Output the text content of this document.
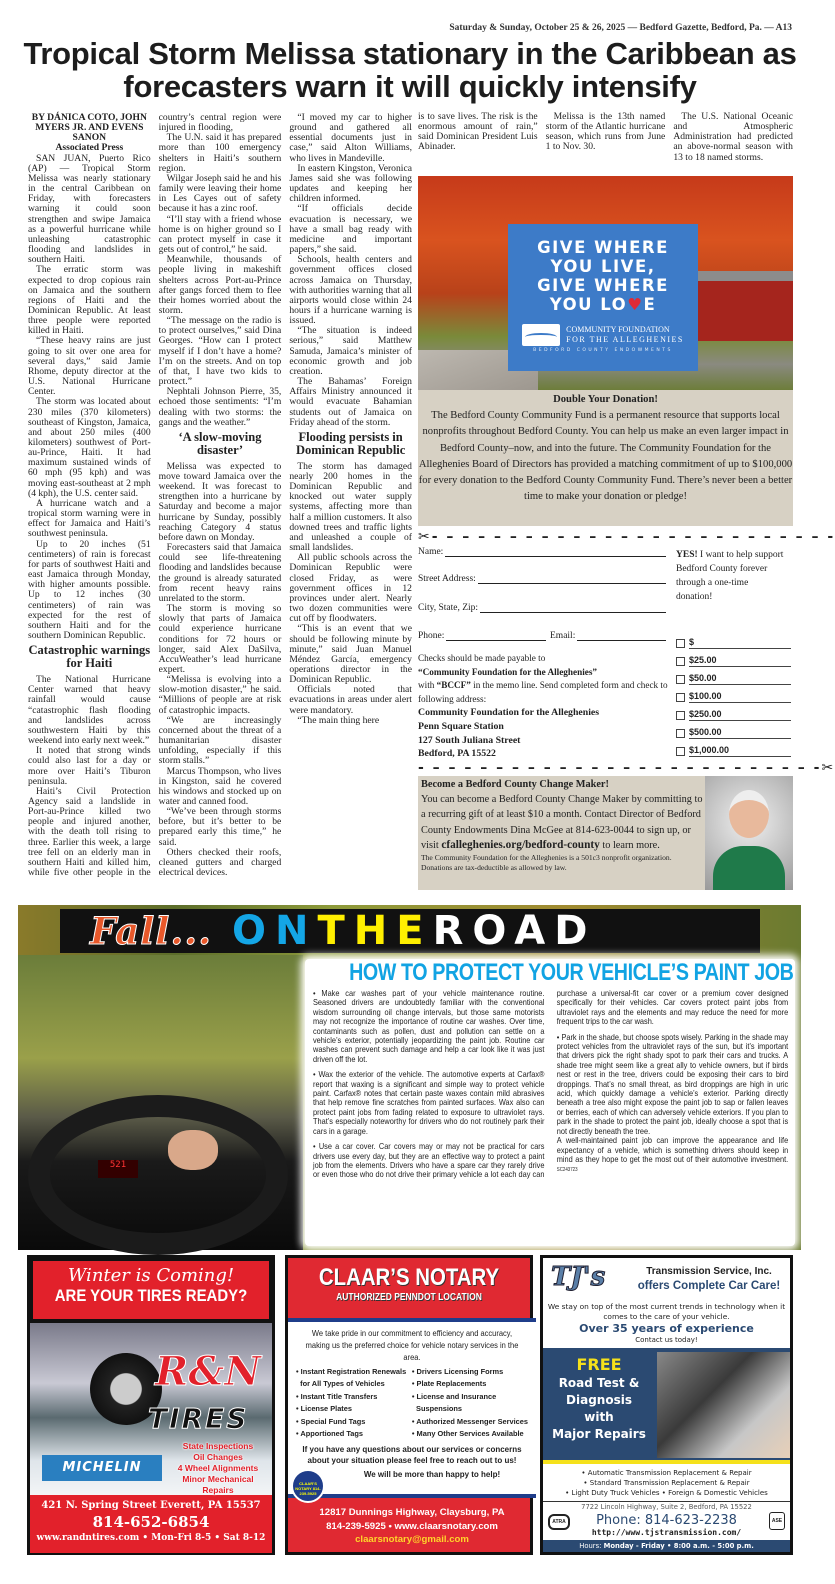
Saturday & Sunday, October 25 & 26, 2025 — Bedford Gazette, Bedford, Pa. — A13
Tropical Storm Melissa stationary in the Caribbean as forecasters warn it will quickly intensify

BY DÁNICA COTO, JOHN MYERS JR. AND EVENS SANON

Associated Press

SAN JUAN, Puerto Rico (AP) — Tropical Storm Melissa was nearly stationary in the central Caribbean on Friday, with forecasters warning it could soon strengthen and swipe Jamaica as a powerful hurricane while unleashing catastrophic flooding and landslides in southern Haiti.

The erratic storm was expected to drop copious rain on Jamaica and the southern regions of Haiti and the Dominican Republic. At least three people were reported killed in Haiti.

“These heavy rains are just going to sit over one area for several days,” said Jamie Rhome, deputy director at the U.S. National Hurricane Center.

The storm was located about 230 miles (370 kilometers) southeast of Kingston, Jamaica, and about 250 miles (400 kilometers) southwest of Port-au-Prince, Haiti. It had maximum sustained winds of 60 mph (95 kph) and was moving east-southeast at 2 mph (4 kph), the U.S. center said.

A hurricane watch and a tropical storm warning were in effect for Jamaica and Haiti’s southwest peninsula.

Up to 20 inches (51 centimeters) of rain is forecast for parts of southwest Haiti and east Jamaica through Monday, with higher amounts possible. Up to 12 inches (30 centimeters) of rain was expected for the rest of southern Haiti and for the southern Dominican Republic.

Catastrophic warnings for Haiti

The National Hurricane Center warned that heavy rainfall would cause “catastrophic flash flooding and landslides across southwestern Haiti by this weekend into early next week.”

It noted that strong winds could also last for a day or more over Haiti’s Tiburon peninsula.

Haiti’s Civil Protection Agency said a landslide in Port-au-Prince killed two people and injured another, with the death toll rising to three. Earlier this week, a large tree fell on an elderly man in southern Haiti and killed him, while five other people in the country’s central region were injured in flooding,

The U.N. said it has prepared more than 100 emergency shelters in Haiti’s southern region.

Wilgar Joseph said he and his family were leaving their home in Les Cayes out of safety because it has a zinc roof.

“I’ll stay with a friend whose home is on higher ground so I can protect myself in case it gets out of control,” he said.

Meanwhile, thousands of people living in makeshift shelters across Port-au-Prince after gangs forced them to flee their homes worried about the storm.

“The message on the radio is to protect ourselves,” said Dina Georges. “How can I protect myself if I don’t have a home? I’m on the streets. And on top of that, I have two kids to protect.”

Nephtali Johnson Pierre, 35, echoed those sentiments: “I’m dealing with two storms: the gangs and the weather.”

‘A slow-moving disaster’

Melissa was expected to move toward Jamaica over the weekend. It was forecast to strengthen into a hurricane by Saturday and become a major hurricane by Sunday, possibly reaching Category 4 status before dawn on Monday.

Forecasters said that Jamaica could see life-threatening flooding and landslides because the ground is already saturated from recent heavy rains unrelated to the storm.

The storm is moving so slowly that parts of Jamaica could experience hurricane conditions for 72 hours or longer, said Alex DaSilva, AccuWeather’s lead hurricane expert.

“Melissa is evolving into a slow-motion disaster,” he said. “Millions of people are at risk of catastrophic impacts.

“We are increasingly concerned about the threat of a humanitarian disaster unfolding, especially if this storm stalls.”

Marcus Thompson, who lives in Kingston, said he covered his windows and stocked up on water and canned food.

“We’ve been through storms before, but it’s better to be prepared early this time,” he said.

Others checked their roofs, cleaned gutters and charged electrical devices.

“I moved my car to higher ground and gathered all essential documents just in case,” said Alton Williams, who lives in Mandeville.

In eastern Kingston, Veronica James said she was following updates and keeping her children informed.

“If officials decide evacuation is necessary, we have a small bag ready with medicine and important papers,” she said.

Schools, health centers and government offices closed across Jamaica on Thursday, with authorities warning that all airports would close within 24 hours if a hurricane warning is issued.

“The situation is indeed serious,” said Matthew Samuda, Jamaica’s minister of economic growth and job creation.

The Bahamas’ Foreign Affairs Ministry announced it would evacuate Bahamian students out of Jamaica on Friday ahead of the storm.

Flooding persists in Dominican Republic

The storm has damaged nearly 200 homes in the Dominican Republic and knocked out water supply systems, affecting more than half a million customers. It also downed trees and traffic lights and unleashed a couple of small landslides.

All public schools across the Dominican Republic were closed Friday, as were government offices in 12 provinces under alert. Nearly two dozen communities were cut off by floodwaters.

“This is an event that we should be following minute by minute,” said Juan Manuel Méndez García, emergency operations director in the Dominican Republic.

Officials noted that evacuations in areas under alert were mandatory.

“The main thing here

is to save lives. The risk is the enormous amount of rain,” said Dominican President Luis Abinader.

Melissa is the 13th named storm of the Atlantic hurricane season, which runs from June 1 to Nov. 30.

The U.S. National Oceanic and Atmospheric Administration had predicted an above-normal season with 13 to 18 named storms.

GIVE WHERE
YOU LIVE,
GIVE WHERE
YOU LO♥E
COMMUNITY FOUNDATION
FOR THE ALLEGHENIES
BEDFORD COUNTY ENDOWMENTS
Double Your Donation!
The Bedford County Community Fund is a permanent resource that supports local nonprofits throughout Bedford County. You can help us make an even larger impact in Bedford County–now, and into the future. The Community Foundation for the Alleghenies Board of Directors has provided a matching commitment of up to $100,000 for every donation to the Bedford County Community Fund. There’s never been a better time to make your donation or pledge!
✂- – – – – – – – – – – – – – – – – – – – – – – – – -
Name:
Street Address:
City, State, Zip:
Phone:	Email:
YES! I want to help support Bedford County forever through a one-time donation!
Checks should be made payable to
“Community Foundation for the Alleghenies”
with “BCCF” in the memo line. Send completed form and check to following address:
Community Foundation for the Alleghenies
Penn Square Station
127 South Juliana Street
Bedford, PA 15522
$
$25.00
$50.00
$100.00
$250.00
$500.00
$1,000.00
- – – – – – – – – – – – – – – – – – – – – – – – – -✂
Become a Bedford County Change Maker!
You can become a Bedford County Change Maker by committing to a recurring gift of at least $10 a month. Contact Director of Bedford County Endowments Dina McGee at 814-623-0044 to sign up, or visit cfalleghenies.org/bedford-county to learn more.
The Community Foundation for the Alleghenies is a 501c3 nonprofit organization. Donations are tax-deductible as allowed by law.
Fall... ONTHEROAD
521
HOW TO PROTECT YOUR VEHICLE’S PAINT JOB

• Make car washes part of your vehicle maintenance routine. Seasoned drivers are undoubtedly familiar with the conventional wisdom surrounding oil change intervals, but those same motorists may not recognize the importance of routine car washes. Over time, contaminants such as pollen, dust and pollution can settle on a vehicle’s exterior, potentially jeopardizing the paint job. Routine car washes can prevent such damage and help a car look like it was just driven off the lot.

• Wax the exterior of the vehicle. The automotive experts at Carfax® report that waxing is a significant and simple way to protect vehicle paint. Carfax® notes that certain paste waxes contain mild abrasives that help remove fine scratches from painted surfaces. Wax also can protect paint jobs from fading related to exposure to ultraviolet rays. That’s especially noteworthy for drivers who do not routinely park their cars in a garage.

• Use a car cover. Car covers may or may not be practical for cars drivers use every day, but they are an effective way to protect a paint job from the elements. Drivers who have a spare car they rarely drive or even those who do not drive their primary vehicle a lot each day can purchase a universal-fit car cover or a premium cover designed specifically for their vehicles. Car covers protect paint jobs from ultraviolet rays and the elements and may reduce the need for more frequent trips to the car wash.

• Park in the shade, but choose spots wisely. Parking in the shade may protect vehicles from the ultraviolet rays of the sun, but it’s important that drivers pick the right shady spot to park their cars and trucks. A shade tree might seem like a great ally to vehicle owners, but if birds nest or rest in the tree, drivers could be exposing their cars to bird droppings. That’s no small threat, as bird droppings are high in uric acid, which quickly damage a vehicle’s exterior. Parking directly beneath a tree also might expose the paint job to sap or fallen leaves or berries, each of which can adversely vehicle exteriors. If you plan to park in the shade to protect the paint job, ideally choose a spot that is not directly beneath the tree.

A well-maintained paint job can improve the appearance and life expectancy of a vehicle, which is something drivers should keep in mind as they hope to get the most out of their automotive investment. SC243723

Winter is Coming!
ARE YOUR TIRES READY?
R&N
TIRES
MICHELIN
State Inspections
Oil Changes
4 Wheel Alignments
Minor Mechanical Repairs
421 N. Spring Street Everett, PA 15537
814-652-6854
www.randntires.com • Mon-Fri 8-5 • Sat 8-12
CLAAR’S NOTARY
AUTHORIZED PENNDOT LOCATION
We take pride in our commitment to efficiency and accuracy, making us the preferred choice for vehicle notary services in the area.
• Instant Registration Renewals
for All Types of Vehicles
• Instant Title Transfers
• License Plates
• Special Fund Tags
• Apportioned Tags
• Drivers Licensing Forms
• Plate Replacements
• License and Insurance
Suspensions
• Authorized Messenger Services
• Many Other Services Available
If you have any questions about our services or concerns about your situation please feel free to reach out to us!
We will be more than happy to help!
CLAAR’S NOTARY 814-239-5925
12817 Dunnings Highway, Claysburg, PA
814-239-5925 • www.claarsnotary.com
claarsnotary@gmail.com
TJ's	Transmission Service, Inc.
offers Complete Car Care!
We stay on top of the most current trends in technology when it comes to the care of your vehicle.
Over 35 years of experience
Contact us today!
FREE
Road Test &
Diagnosis
with
Major Repairs
• Automatic Transmission Replacement & Repair
• Standard Transmission Replacement & Repair
• Light Duty Truck Vehicles • Foreign & Domestic Vehicles
7722 Lincoln Highway, Suite 2, Bedford, PA 15522
Phone: 814-623-2238
http://www.tjstransmission.com/
ATRA	ASE
Hours: Monday - Friday • 8:00 a.m. - 5:00 p.m.
